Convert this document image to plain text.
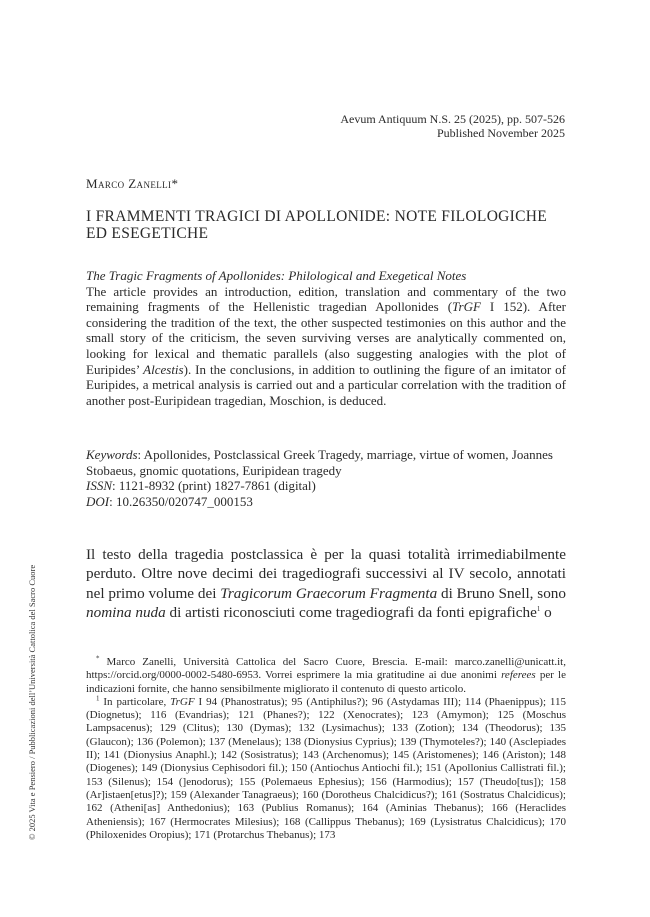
Aevum Antiquum N.S. 25 (2025), pp. 507-526
Published November 2025
Marco Zanelli*
I FRAMMENTI TRAGICI DI APOLLONIDE: NOTE FILOLOGICHE ED ESEGETICHE
The Tragic Fragments of Apollonides: Philological and Exegetical Notes
The article provides an introduction, edition, translation and commentary of the two remaining fragments of the Hellenistic tragedian Apollonides (TrGF I 152). After considering the tradition of the text, the other suspected testimonies on this author and the small story of the criticism, the seven surviving verses are analytically commented on, looking for lexical and thematic parallels (also suggesting analogies with the plot of Euripides’ Alcestis). In the conclusions, in addition to outlining the figure of an imitator of Euripides, a metrical analysis is carried out and a particular correlation with the tradition of another post-Euripidean tragedian, Moschion, is deduced.
Keywords: Apollonides, Postclassical Greek Tragedy, marriage, virtue of women, Joannes Stobaeus, gnomic quotations, Euripidean tragedy
ISSN: 1121-8932 (print) 1827-7861 (digital)
DOI: 10.26350/020747_000153
Il testo della tragedia postclassica è per la quasi totalità irrimediabilmente perduto. Oltre nove decimi dei tragediografi successivi al IV secolo, annotati nel primo volume dei Tragicorum Graecorum Fragmenta di Bruno Snell, sono nomina nuda di artisti riconosciuti come tragediografi da fonti epigrafiche$^1$ o

* Marco Zanelli, Università Cattolica del Sacro Cuore, Brescia. E-mail: marco.zanelli@unicatt.it, https://orcid.org/0000-0002-5480-6953. Vorrei esprimere la mia gratitudine ai due anonimi referees per le indicazioni fornite, che hanno sensibilmente migliorato il contenuto di questo articolo.

$^1$ In particolare, TrGF I 94 (Phanostratus); 95 (Antiphilus?); 96 (Astydamas III); 114 (Phaenippus); 115 (Diognetus); 116 (Evandrias); 121 (Phanes?); 122 (Xenocrates); 123 (Amymon); 125 (Moschus Lampsacenus); 129 (Clitus); 130 (Dymas); 132 (Lysimachus); 133 (Zotion); 134 (Theodorus); 135 (Glaucon); 136 (Polemon); 137 (Menelaus); 138 (Dionysius Cyprius); 139 (Thymoteles?); 140 (Asclepiades II); 141 (Dionysius Anaphl.); 142 (Sosistratus); 143 (Archenomus); 145 (Aristomenes); 146 (Ariston); 148 (Diogenes); 149 (Dionysius Cephisodori fil.); 150 (Antiochus Antiochi fil.); 151 (Apollonius Callistrati fil.); 153 (Silenus); 154 (]enodorus); 155 (Polemaeus Ephesius); 156 (Harmodius); 157 (Theudo[tus]); 158 (Ar]istaen[etus]?); 159 (Alexander Tanagraeus); 160 (Dorotheus Chalcidicus?); 161 (Sostratus Chalcidicus); 162 (Atheni[as] Anthedonius); 163 (Publius Romanus); 164 (Aminias Thebanus); 166 (Heraclides Atheniensis); 167 (Hermocrates Milesius); 168 (Callippus Thebanus); 169 (Lysistratus Chalcidicus); 170 (Philoxenides Oropius); 171 (Protarchus Thebanus); 173

© 2025 Vita e Pensiero / Pubblicazioni dell’Università Cattolica del Sacro Cuore
